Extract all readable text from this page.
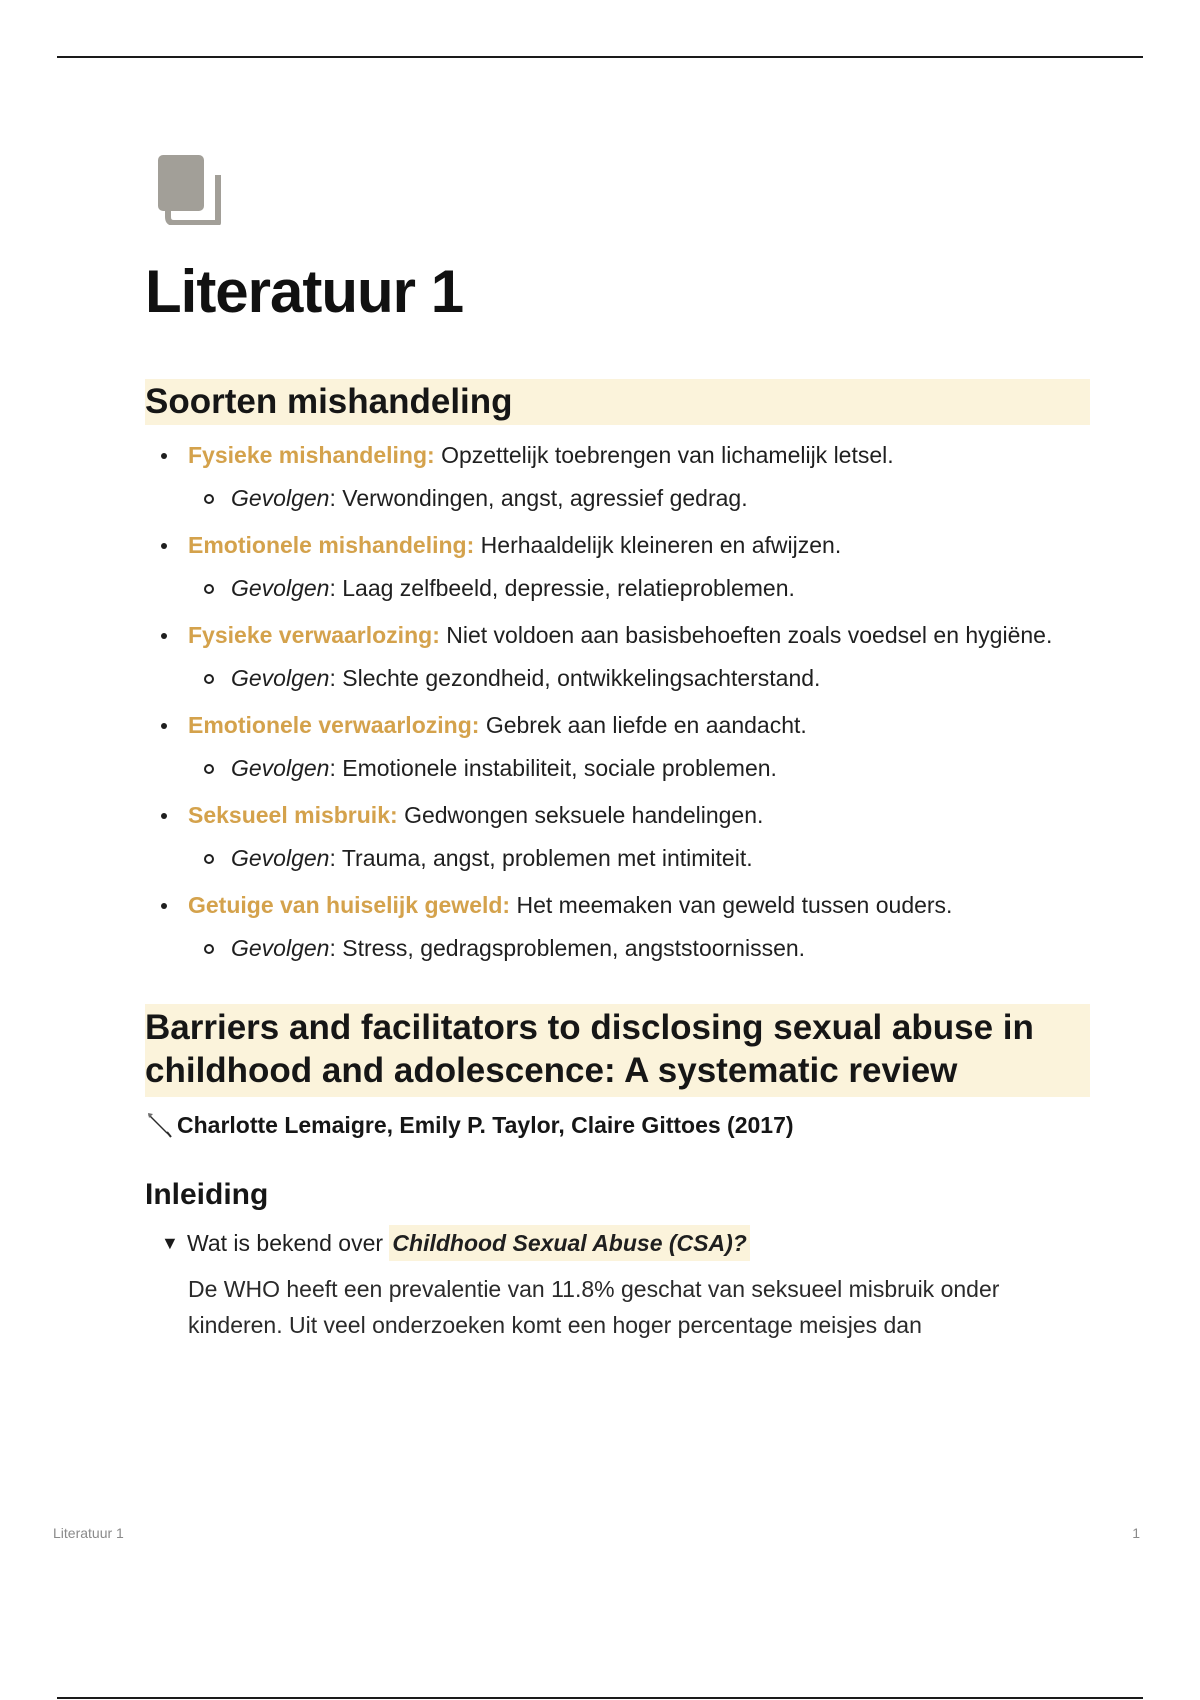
Literatuur 1
Soorten mishandeling
Fysieke mishandeling: Opzettelijk toebrengen van lichamelijk letsel.
Gevolgen: Verwondingen, angst, agressief gedrag.
Emotionele mishandeling: Herhaaldelijk kleineren en afwijzen.
Gevolgen: Laag zelfbeeld, depressie, relatieproblemen.
Fysieke verwaarlozing: Niet voldoen aan basisbehoeften zoals voedsel en hygiëne.
Gevolgen: Slechte gezondheid, ontwikkelingsachterstand.
Emotionele verwaarlozing: Gebrek aan liefde en aandacht.
Gevolgen: Emotionele instabiliteit, sociale problemen.
Seksueel misbruik: Gedwongen seksuele handelingen.
Gevolgen: Trauma, angst, problemen met intimiteit.
Getuige van huiselijk geweld: Het meemaken van geweld tussen ouders.
Gevolgen: Stress, gedragsproblemen, angststoornissen.
Barriers and facilitators to disclosing sexual abuse in childhood and adolescence: A systematic review
Charlotte Lemaigre, Emily P. Taylor, Claire Gittoes (2017)
Inleiding
▼ Wat is bekend over
Childhood Sexual Abuse (CSA)?
De WHO heeft een prevalentie van 11.8% geschat van seksueel misbruik onder kinderen. Uit veel onderzoeken komt een hoger percentage meisjes dan
Literatuur 1	1
